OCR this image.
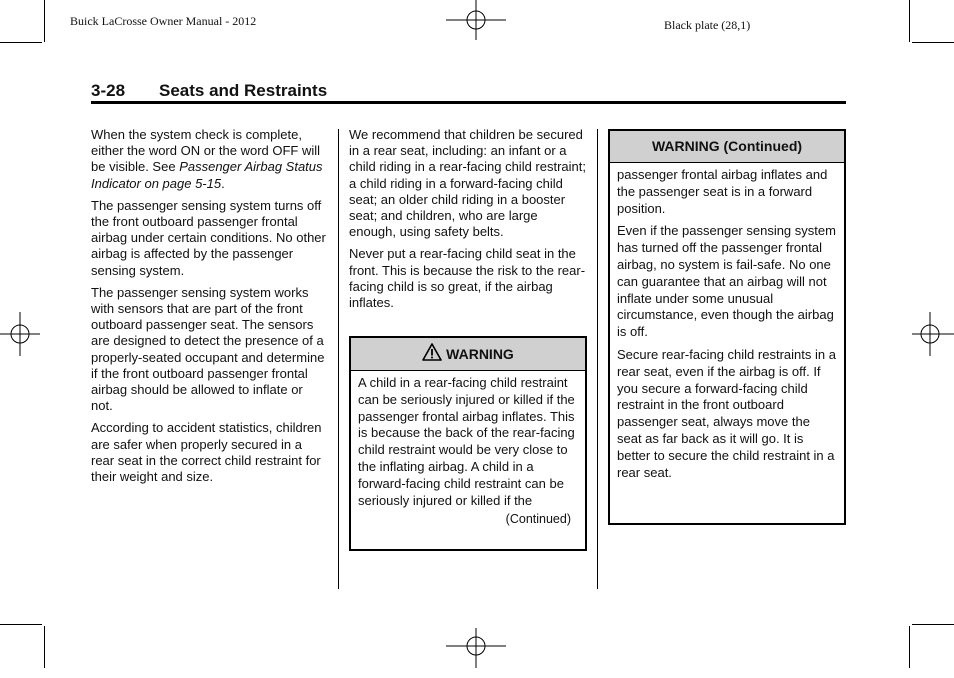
Buick LaCrosse Owner Manual - 2012	Black plate (28,1)
3-28 Seats and Restraints

When the system check is complete, either the word ON or the word OFF will be visible. See Passenger Airbag Status Indicator on page 5-15.

The passenger sensing system turns off the front outboard passenger frontal airbag under certain conditions. No other airbag is affected by the passenger sensing system.

The passenger sensing system works with sensors that are part of the front outboard passenger seat. The sensors are designed to detect the presence of a properly-seated occupant and determine if the front outboard passenger frontal airbag should be allowed to inflate or not.

According to accident statistics, children are safer when properly secured in a rear seat in the correct child restraint for their weight and size.

We recommend that children be secured in a rear seat, including: an infant or a child riding in a rear-facing child restraint; a child riding in a forward-facing child seat; an older child riding in a booster seat; and children, who are large enough, using safety belts.

Never put a rear-facing child seat in the front. This is because the risk to the rear-facing child is so great, if the airbag inflates.

WARNING

A child in a rear-facing child restraint can be seriously injured or killed if the passenger frontal airbag inflates. This is because the back of the rear-facing child restraint would be very close to the inflating airbag. A child in a forward-facing child restraint can be seriously injured or killed if the

(Continued)
WARNING (Continued)

passenger frontal airbag inflates and the passenger seat is in a forward position.

Even if the passenger sensing system has turned off the passenger frontal airbag, no system is fail-safe. No one can guarantee that an airbag will not inflate under some unusual circumstance, even though the airbag is off.

Secure rear-facing child restraints in a rear seat, even if the airbag is off. If you secure a forward-facing child restraint in the front outboard passenger seat, always move the seat as far back as it will go. It is better to secure the child restraint in a rear seat.
